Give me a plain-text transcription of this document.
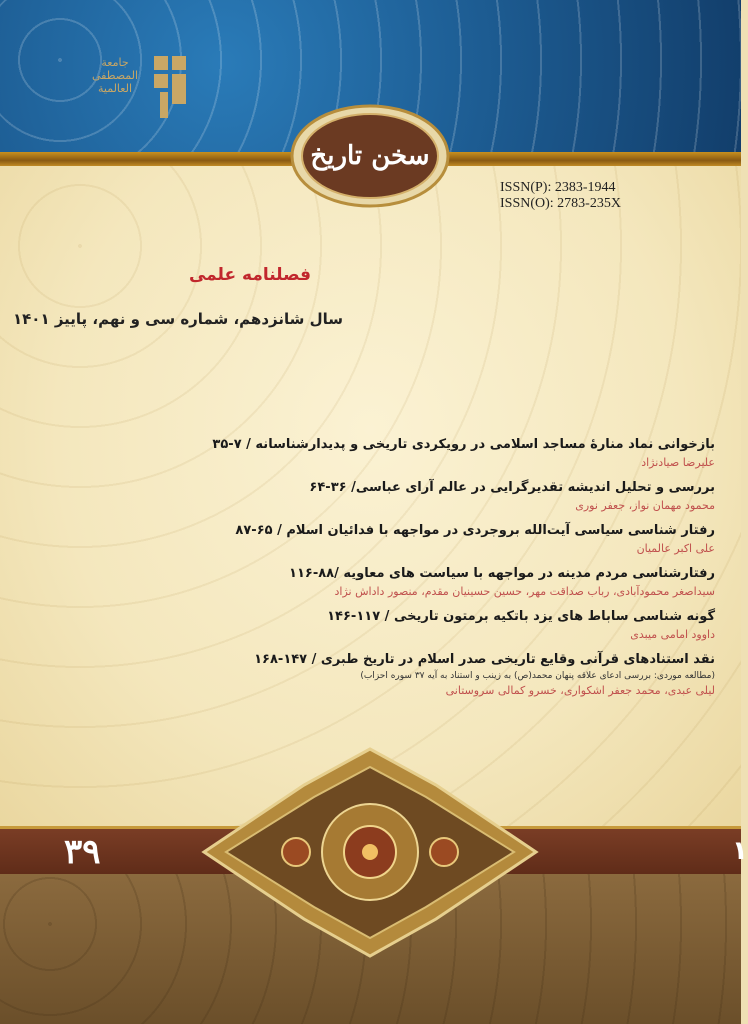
جامعة
المصطفى
العالمية
سخن تاریخ
ISSN(P): 2383-1944
ISSN(O): 2783-235X
فصلنامه علمی
سال شانزدهم، شماره سی و نهم، پاییز ۱۴۰۱
بازخوانی نماد منارۀ مساجد اسلامی در رویکردی تاریخی و پدیدارشناسانه / ۷-۳۵
علیرضا صیادنژاد
بررسی و تحلیل اندیشه تقدیرگرایی در عالم آرای عباسی/ ۳۶-۶۴
محمود مهمان نواز، جعفر نوری
رفتار شناسی سیاسی آیت‌الله بروجردی در مواجهه با فدائیان اسلام / ۶۵-۸۷
علی اکبر عالمیان
رفتارشناسی مردم مدینه در مواجهه با سیاست های معاویه /۸۸-۱۱۶
سیداصغر محمودآبادی، رباب صداقت مهر، حسین حسینیان مقدم، منصور داداش نژاد
گونه شناسی ساباط های یزد باتکیه برمتون تاریخی / ۱۱۷-۱۴۶
داوود امامی میبدی
نقد استنادهای قرآنی وقایع تاریخی صدر اسلام در تاریخ طبری / ۱۴۷-۱۶۸
(مطالعه موردی: بررسی ادعای علاقه پنهان محمد(ص) به زینب و استناد به آیه ۳۷ سوره احزاب)
لیلی عبدی، محمد جعفر اشکواری، خسرو کمالی سروستانی
۳۹	۱
